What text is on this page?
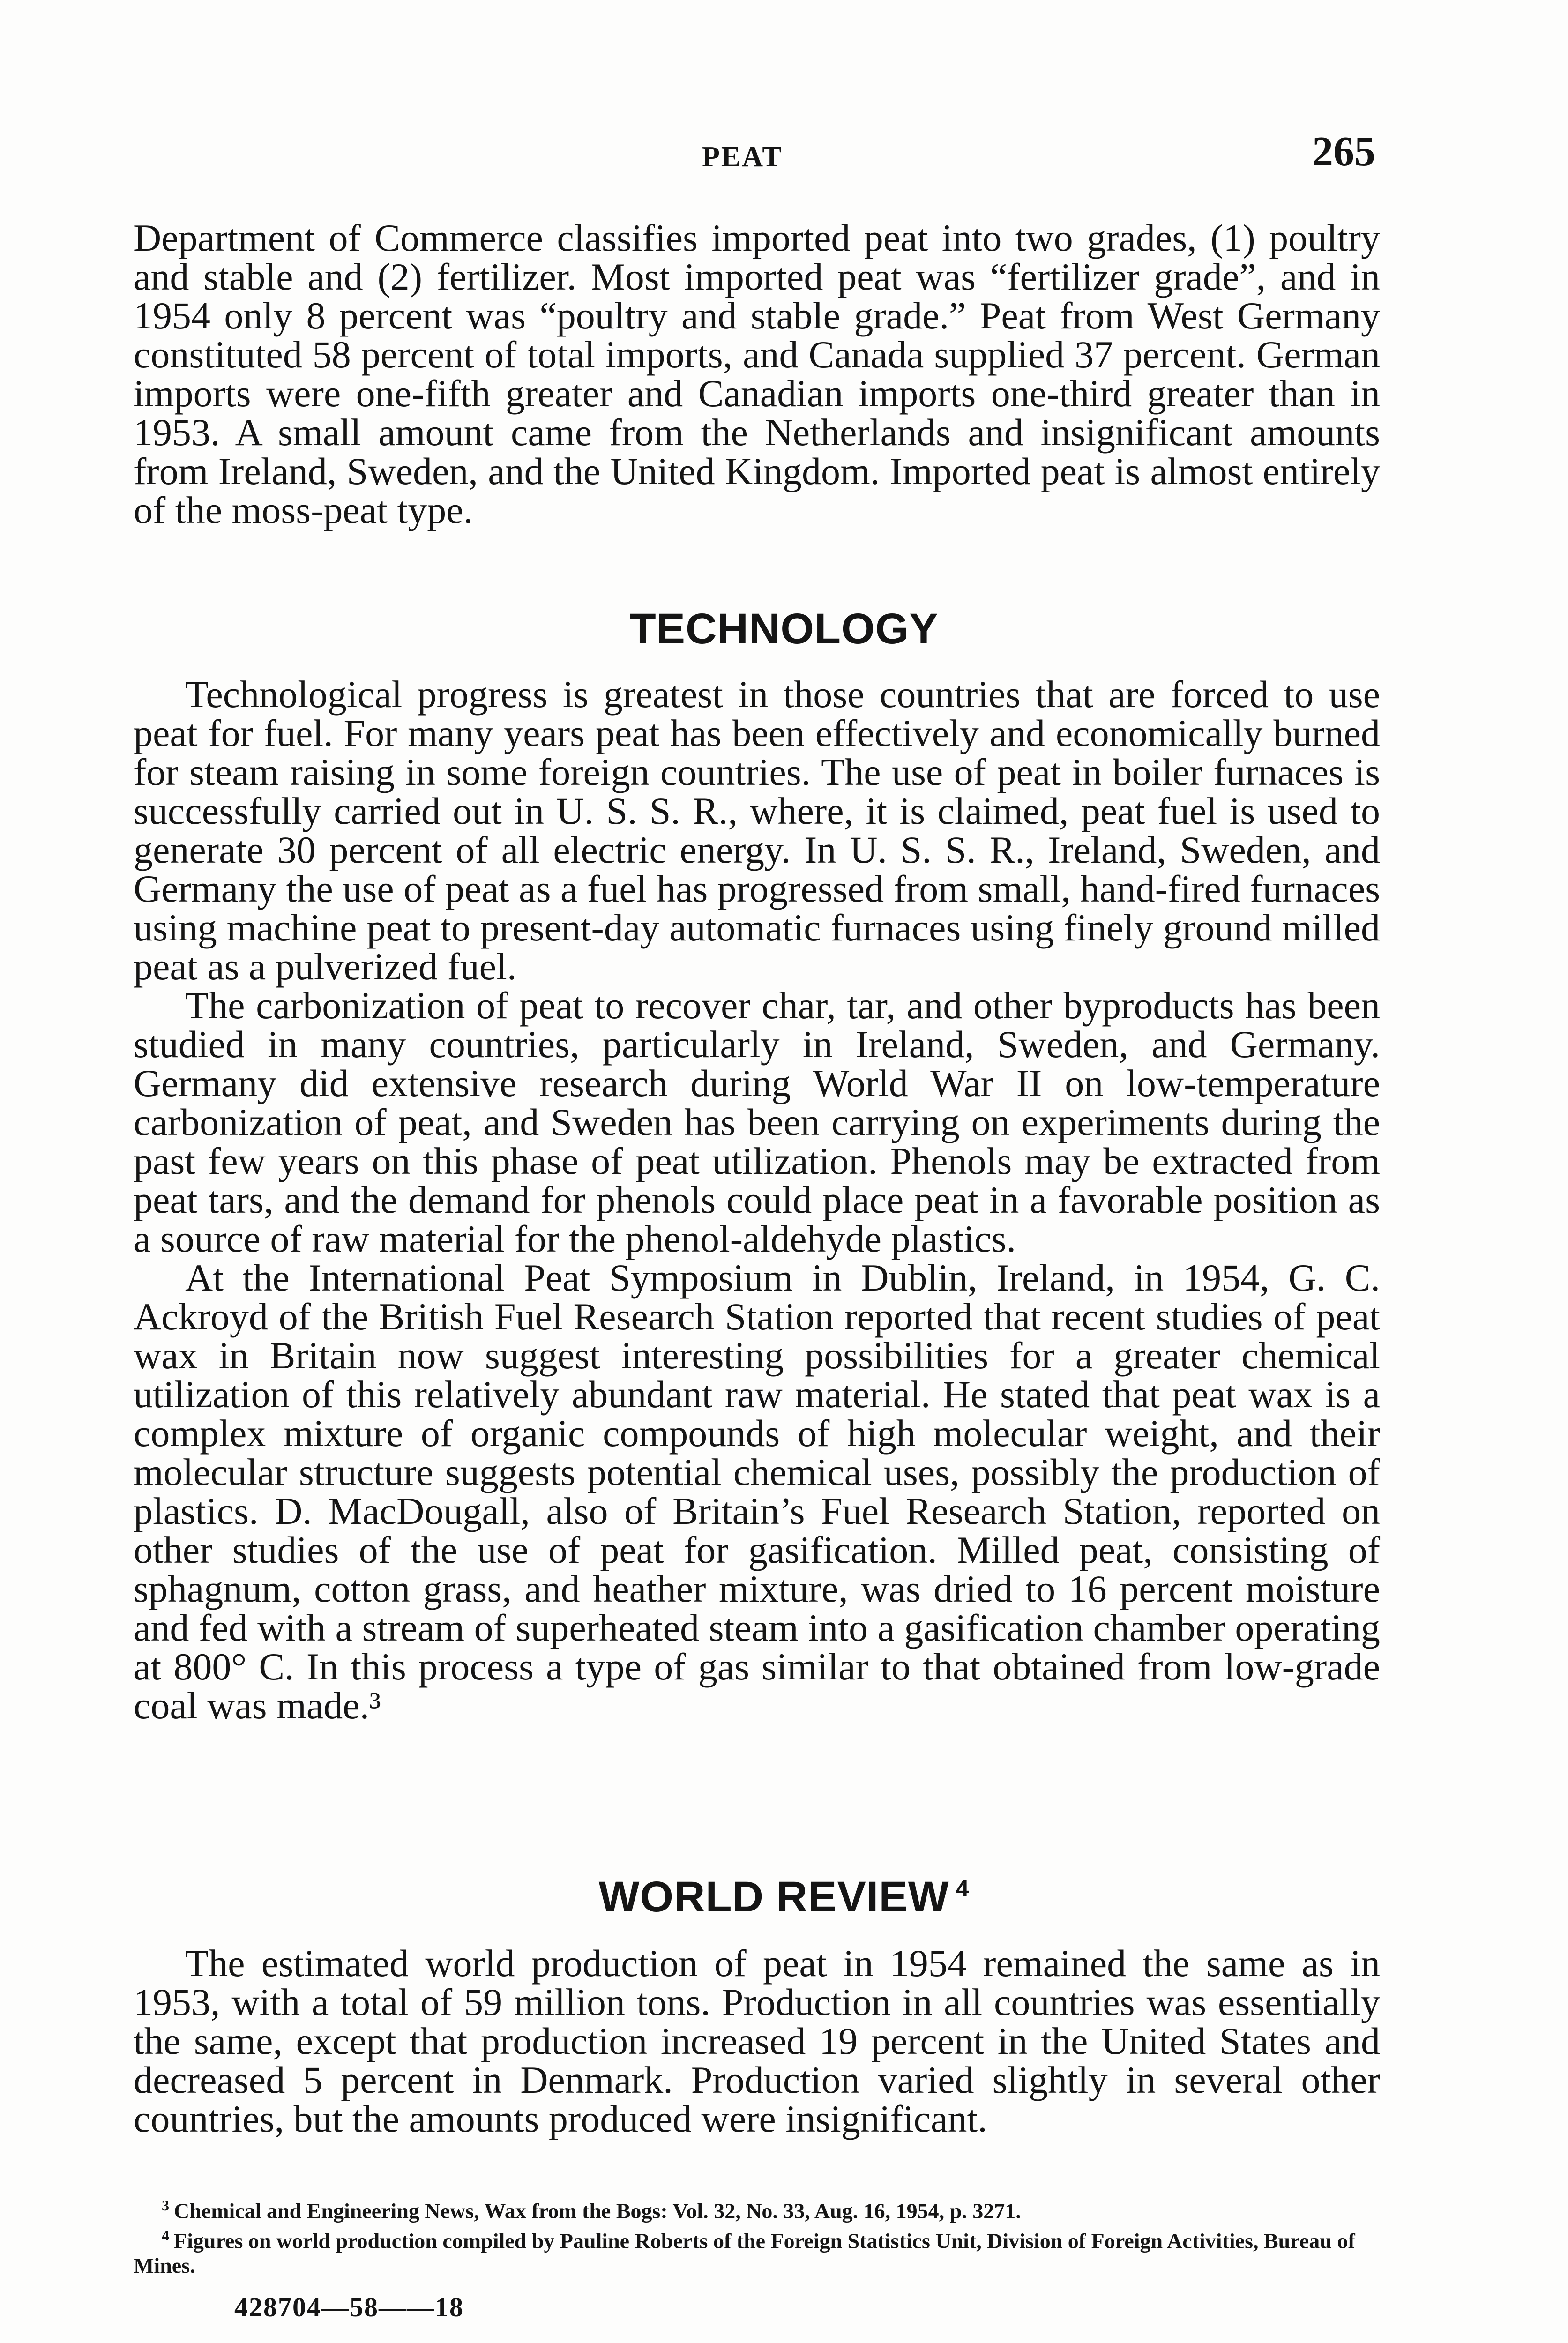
PEAT	265

Department of Commerce classifies imported peat into two grades, (1) poultry and stable and (2) fertilizer. Most imported peat was “fertilizer grade”, and in 1954 only 8 percent was “poultry and stable grade.” Peat from West Germany constituted 58 percent of total imports, and Canada supplied 37 percent. German imports were one-fifth greater and Canadian imports one-third greater than in 1953. A small amount came from the Netherlands and insignificant amounts from Ireland, Sweden, and the United Kingdom. Imported peat is almost entirely of the moss-peat type.

TECHNOLOGY

Technological progress is greatest in those countries that are forced to use peat for fuel. For many years peat has been effectively and economically burned for steam raising in some foreign countries. The use of peat in boiler furnaces is successfully carried out in U. S. S. R., where, it is claimed, peat fuel is used to generate 30 percent of all electric energy. In U. S. S. R., Ireland, Sweden, and Germany the use of peat as a fuel has progressed from small, hand-fired furnaces using machine peat to present-day automatic furnaces using finely ground milled peat as a pulverized fuel.

The carbonization of peat to recover char, tar, and other byproducts has been studied in many countries, particularly in Ireland, Sweden, and Germany. Germany did extensive research during World War II on low-temperature carbonization of peat, and Sweden has been carrying on experiments during the past few years on this phase of peat utilization. Phenols may be extracted from peat tars, and the demand for phenols could place peat in a favorable position as a source of raw material for the phenol-aldehyde plastics.

At the International Peat Symposium in Dublin, Ireland, in 1954, G. C. Ackroyd of the British Fuel Research Station reported that recent studies of peat wax in Britain now suggest interesting possibilities for a greater chemical utilization of this relatively abundant raw material. He stated that peat wax is a complex mixture of organic compounds of high molecular weight, and their molecular structure suggests potential chemical uses, possibly the production of plastics. D. MacDougall, also of Britain’s Fuel Research Station, reported on other studies of the use of peat for gasification. Milled peat, consisting of sphagnum, cotton grass, and heather mixture, was dried to 16 percent moisture and fed with a stream of superheated steam into a gasification chamber operating at 800° C. In this process a type of gas similar to that obtained from low-grade coal was made.³

WORLD REVIEW $^4$

The estimated world production of peat in 1954 remained the same as in 1953, with a total of 59 million tons. Production in all countries was essentially the same, except that production increased 19 percent in the United States and decreased 5 percent in Denmark. Production varied slightly in several other countries, but the amounts produced were insignificant.

$^3$ Chemical and Engineering News, Wax from the Bogs: Vol. 32, No. 33, Aug. 16, 1954, p. 3271.

$^4$ Figures on world production compiled by Pauline Roberts of the Foreign Statistics Unit, Division of Foreign Activities, Bureau of Mines.

428704—58——18
